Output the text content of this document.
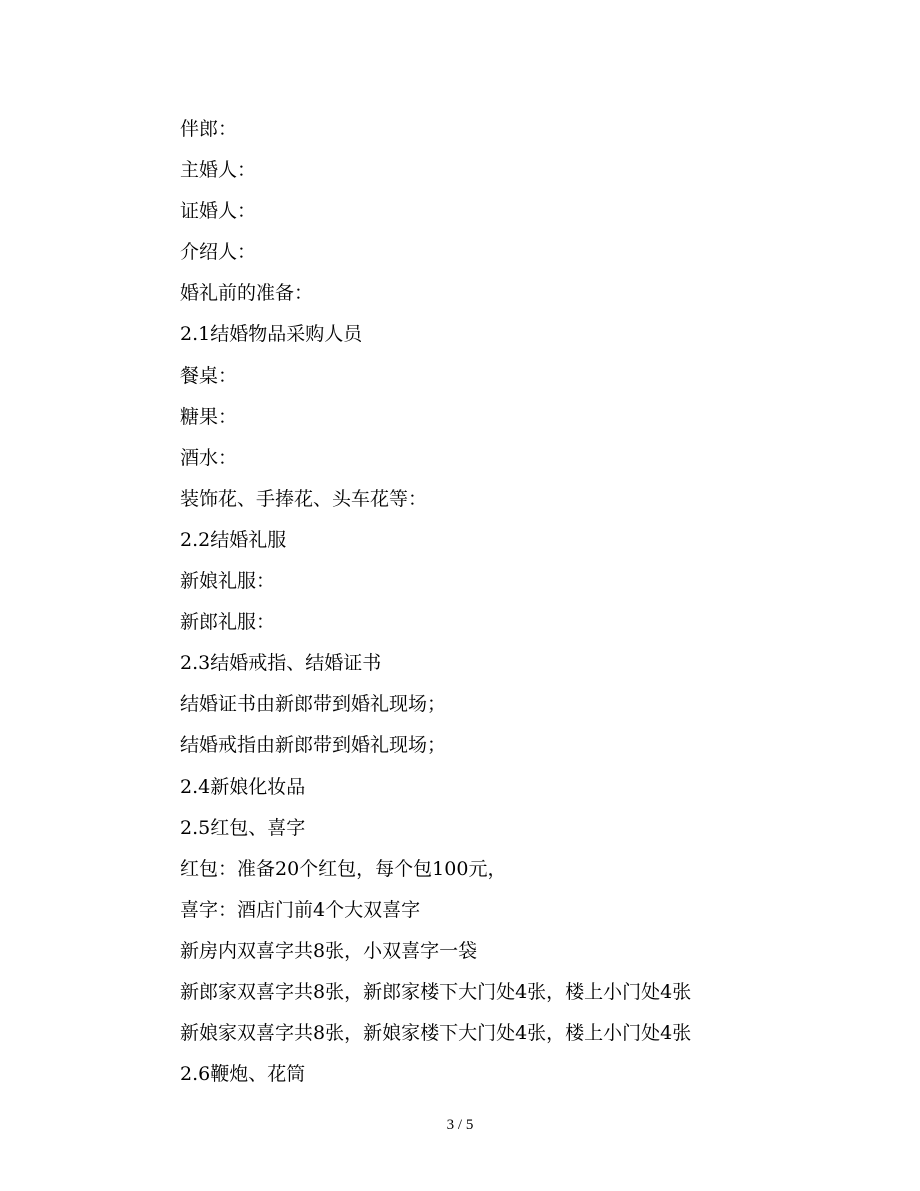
伴郎：
主婚人：
证婚人：
介绍人：
婚礼前的准备：
2.1结婚物品采购人员
餐桌：
糖果：
酒水：
装饰花、手捧花、头车花等：
2.2结婚礼服
新娘礼服：
新郎礼服：
2.3结婚戒指、结婚证书
结婚证书由新郎带到婚礼现场；
结婚戒指由新郎带到婚礼现场；
2.4新娘化妆品
2.5红包、喜字
红包：准备20个红包，每个包100元，
喜字：酒店门前4个大双喜字
新房内双喜字共8张，小双喜字一袋
新郎家双喜字共8张，新郎家楼下大门处4张，楼上小门处4张
新娘家双喜字共8张，新娘家楼下大门处4张，楼上小门处4张
2.6鞭炮、花筒
3 / 5
